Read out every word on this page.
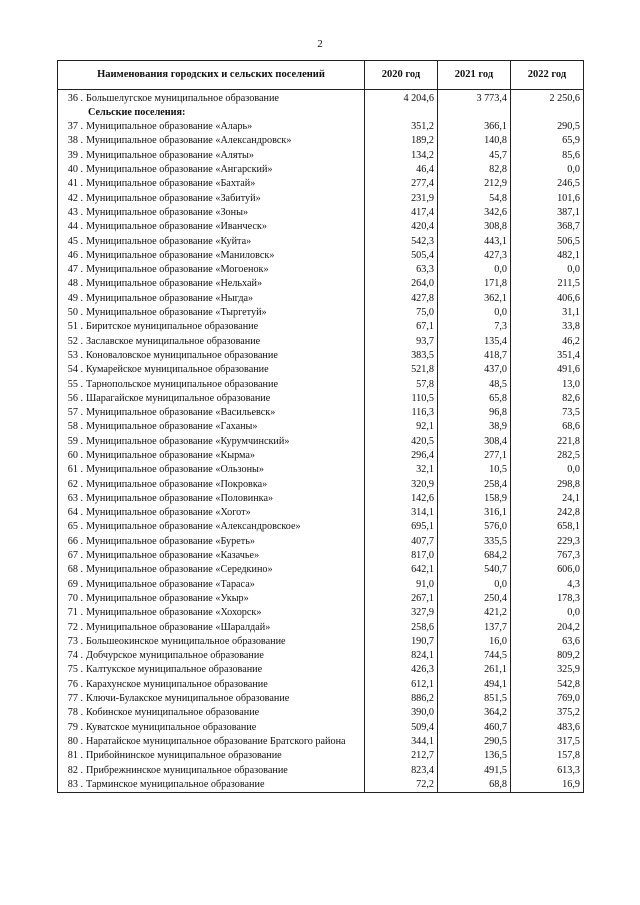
2
Наименования городских и сельских поселений	2020 год	2021 год	2022 год
36 . Большелугское муниципальное образование	4 204,6	3 773,4	2 250,6
Сельские поселения:			
37 . Муниципальное образование «Аларь»	351,2	366,1	290,5
38 . Муниципальное образование «Александровск»	189,2	140,8	65,9
39 . Муниципальное образование «Аляты»	134,2	45,7	85,6
40 . Муниципальное образование «Ангарский»	46,4	82,8	0,0
41 . Муниципальное образование «Бахтай»	277,4	212,9	246,5
42 . Муниципальное образование «Забитуй»	231,9	54,8	101,6
43 . Муниципальное образование «Зоны»	417,4	342,6	387,1
44 . Муниципальное образование «Иванческ»	420,4	308,8	368,7
45 . Муниципальное образование «Куйта»	542,3	443,1	506,5
46 . Муниципальное образование «Маниловск»	505,4	427,3	482,1
47 . Муниципальное образование «Могоенок»	63,3	0,0	0,0
48 . Муниципальное образование «Нельхай»	264,0	171,8	211,5
49 . Муниципальное образование «Ныгда»	427,8	362,1	406,6
50 . Муниципальное образование «Тыргетуй»	75,0	0,0	31,1
51 . Биритское муниципальное образование	67,1	7,3	33,8
52 . Заславское муниципальное образование	93,7	135,4	46,2
53 . Коноваловское муниципальное образование	383,5	418,7	351,4
54 . Кумарейское муниципальное образование	521,8	437,0	491,6
55 . Тарнопольское муниципальное образование	57,8	48,5	13,0
56 . Шарагайское муниципальное образование	110,5	65,8	82,6
57 . Муниципальное образование «Васильевск»	116,3	96,8	73,5
58 . Муниципальное образование «Гаханы»	92,1	38,9	68,6
59 . Муниципальное образование «Курумчинский»	420,5	308,4	221,8
60 . Муниципальное образование «Кырма»	296,4	277,1	282,5
61 . Муниципальное образование «Ользоны»	32,1	10,5	0,0
62 . Муниципальное образование «Покровка»	320,9	258,4	298,8
63 . Муниципальное образование «Половинка»	142,6	158,9	24,1
64 . Муниципальное образование «Хогот»	314,1	316,1	242,8
65 . Муниципальное образование «Александровское»	695,1	576,0	658,1
66 . Муниципальное образование «Буреть»	407,7	335,5	229,3
67 . Муниципальное образование «Казачье»	817,0	684,2	767,3
68 . Муниципальное образование «Середкино»	642,1	540,7	606,0
69 . Муниципальное образование «Тараса»	91,0	0,0	4,3
70 . Муниципальное образование «Укыр»	267,1	250,4	178,3
71 . Муниципальное образование «Хохорск»	327,9	421,2	0,0
72 . Муниципальное образование «Шаралдай»	258,6	137,7	204,2
73 . Большеокинское муниципальное образование	190,7	16,0	63,6
74 . Добчурское муниципальное образование	824,1	744,5	809,2
75 . Калтукское муниципальное образование	426,3	261,1	325,9
76 . Карахунское муниципальное образование	612,1	494,1	542,8
77 . Ключи-Булакское муниципальное образование	886,2	851,5	769,0
78 . Кобинское муниципальное образование	390,0	364,2	375,2
79 . Куватское муниципальное образование	509,4	460,7	483,6
80 . Наратайское муниципальное образование Братского района	344,1	290,5	317,5
81 . Прибойнинское муниципальное образование	212,7	136,5	157,8
82 . Прибрежнинское муниципальное образование	823,4	491,5	613,3
83 . Тарминское муниципальное образование	72,2	68,8	16,9
